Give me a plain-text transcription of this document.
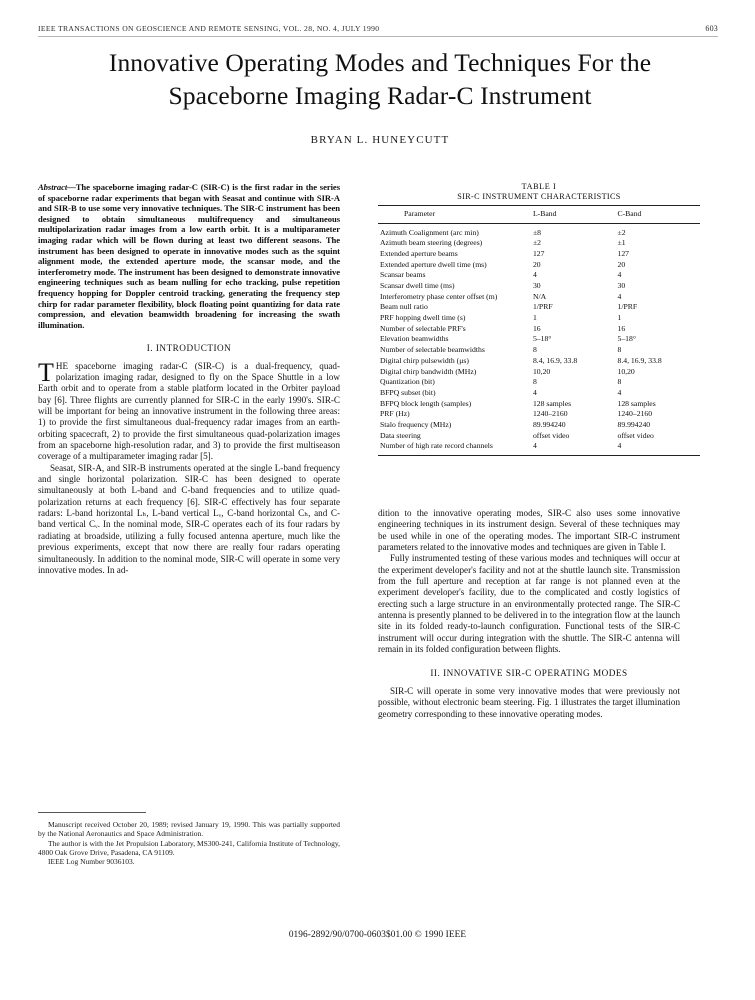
IEEE TRANSACTIONS ON GEOSCIENCE AND REMOTE SENSING, VOL. 28, NO. 4, JULY 1990	603
Innovative Operating Modes and Techniques For the
Spaceborne Imaging Radar-C Instrument
BRYAN L. HUNEYCUTT
Abstract—The spaceborne imaging radar-C (SIR-C) is the first radar in the series of spaceborne radar experiments that began with Seasat and continue with SIR-A and SIR-B to use some very innovative techniques. The SIR-C instrument has been designed to obtain simultaneous multifrequency and simultaneous multipolarization radar images from a low earth orbit. It is a multiparameter imaging radar which will be flown during at least two different seasons. The instrument has been designed to operate in innovative modes such as the squint alignment mode, the extended aperture mode, the scansar mode, and the interferometry mode. The instrument has been designed to demonstrate innovative engineering techniques such as beam nulling for echo tracking, pulse repetition frequency hopping for Doppler centroid tracking, generating the frequency step chirp for radar parameter flexibility, block floating point quantizing for data rate compression, and elevation beamwidth broadening for increasing the swath illumination.
I. INTRODUCTION

THE spaceborne imaging radar-C (SIR-C) is a dual-frequency, quad-polarization imaging radar, designed to fly on the Space Shuttle in a low Earth orbit and to operate from a stable platform located in the Orbiter payload bay [6]. Three flights are currently planned for SIR-C in the early 1990's. SIR-C will be important for being an innovative instrument in the following three areas: 1) to provide the first simultaneous dual-frequency radar images from an earth-orbiting spacecraft, 2) to provide the first simultaneous quad-polarization images from an spaceborne high-resolution radar, and 3) to provide the first multiseason coverage of a multiparameter imaging radar [5].

Seasat, SIR-A, and SIR-B instruments operated at the single L-band frequency and single horizontal polarization. SIR-C has been designed to operate simultaneously at both L-band and C-band frequencies and to utilize quad-polarization returns at each frequency [6]. SIR-C effectively has four separate radars: L-band horizontal Lₕ, L-band vertical Lᵥ, C-band horizontal Cₕ, and C-band vertical Cᵥ. In the nominal mode, SIR-C operates each of its four radars by radiating at broadside, utilizing a fully focused antenna aperture, much like the previous experiments, except that now there are really four radars operating simultaneously. In addition to the nominal mode, SIR-C will operate in some very innovative modes. In ad-

TABLE I
SIR-C INSTRUMENT CHARACTERISTICS
Parameter	L-Band	C-Band
Azimuth Coalignment (arc min)	±8	±2
Azimuth beam steering (degrees)	±2	±1
Extended aperture beams	127	127
Extended aperture dwell time (ms)	20	20
Scansar beams	4	4
Scansar dwell time (ms)	30	30
Interferometry phase center offset (m)	N/A	4
Beam null ratio	1/PRF	1/PRF
PRF hopping dwell time (s)	1	1
Number of selectable PRF's	16	16
Elevation beamwidths	5–18°	5–18°
Number of selectable beamwidths	8	8
Digital chirp pulsewidth (μs)	8.4, 16.9, 33.8	8.4, 16.9, 33.8
Digital chirp bandwidth (MHz)	10,20	10,20
Quantization (bit)	8	8
BFPQ subset (bit)	4	4
BFPQ block length (samples)	128 samples	128 samples
PRF (Hz)	1240–2160	1240–2160
Stalo frequency (MHz)	89.994240	89.994240
Data steering	offset video	offset video
Number of high rate record channels	4	4

dition to the innovative operating modes, SIR-C also uses some innovative engineering techniques in its instrument design. Several of these techniques may be used while in one of the operating modes. The important SIR-C instrument parameters related to the innovative modes and techniques are given in Table I.

Fully instrumented testing of these various modes and techniques will occur at the experiment developer's facility and not at the shuttle launch site. Transmission from the full aperture and reception at far range is not planned even at the experiment developer's facility, due to the complicated and costly logistics of erecting such a large structure in an environmentally protected range. The SIR-C antenna is presently planned to be delivered in to the integration flow at the launch site in its folded ready-to-launch configuration. Functional tests of the SIR-C instrument will occur during integration with the shuttle. The SIR-C antenna will remain in its folded configuration between flights.

II. INNOVATIVE SIR-C OPERATING MODES

SIR-C will operate in some very innovative modes that were previously not possible, without electronic beam steering. Fig. 1 illustrates the target illumination geometry corresponding to these innovative operating modes.

Manuscript received October 20, 1989; revised January 19, 1990. This was partially supported by the National Aeronautics and Space Administration.

The author is with the Jet Propulsion Laboratory, MS300-241, California Institute of Technology, 4800 Oak Grove Drive, Pasadena, CA 91109.

IEEE Log Number 9036103.

0196-2892/90/0700-0603$01.00 © 1990 IEEE
